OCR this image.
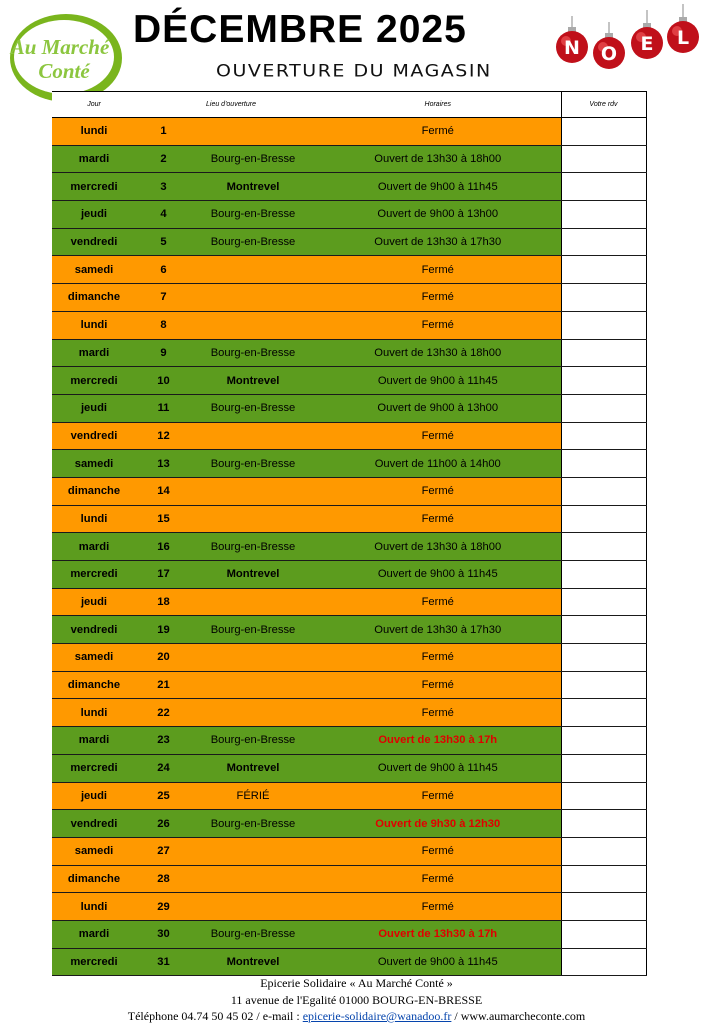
Au Marché
Conté
DÉCEMBRE 2025
OUVERTURE DU MAGASIN
N O E L
Jour		Lieu d'ouverture	Horaires	Votre rdv
lundi	1		Fermé	
mardi	2	Bourg-en-Bresse	Ouvert de 13h30 à 18h00	
mercredi	3	Montrevel	Ouvert de 9h00 à 11h45	
jeudi	4	Bourg-en-Bresse	Ouvert de 9h00 à 13h00	
vendredi	5	Bourg-en-Bresse	Ouvert de 13h30 à 17h30	
samedi	6		Fermé	
dimanche	7		Fermé	
lundi	8		Fermé	
mardi	9	Bourg-en-Bresse	Ouvert de 13h30 à 18h00	
mercredi	10	Montrevel	Ouvert de 9h00 à 11h45	
jeudi	11	Bourg-en-Bresse	Ouvert de 9h00 à 13h00	
vendredi	12		Fermé	
samedi	13	Bourg-en-Bresse	Ouvert de 11h00 à 14h00	
dimanche	14		Fermé	
lundi	15		Fermé	
mardi	16	Bourg-en-Bresse	Ouvert de 13h30 à 18h00	
mercredi	17	Montrevel	Ouvert de 9h00 à 11h45	
jeudi	18		Fermé	
vendredi	19	Bourg-en-Bresse	Ouvert de 13h30 à 17h30	
samedi	20		Fermé	
dimanche	21		Fermé	
lundi	22		Fermé	
mardi	23	Bourg-en-Bresse	Ouvert de 13h30 à 17h	
mercredi	24	Montrevel	Ouvert de 9h00 à 11h45	
jeudi	25	FÉRIÉ	Fermé	
vendredi	26	Bourg-en-Bresse	Ouvert de 9h30 à 12h30	
samedi	27		Fermé	
dimanche	28		Fermé	
lundi	29		Fermé	
mardi	30	Bourg-en-Bresse	Ouvert de 13h30 à 17h	
mercredi	31	Montrevel	Ouvert de 9h00 à 11h45	
Epicerie Solidaire « Au Marché Conté »
11 avenue de l'Egalité 01000 BOURG-EN-BRESSE
Téléphone 04.74 50 45 02 / e-mail : epicerie-solidaire@wanadoo.fr / www.aumarcheconte.com
